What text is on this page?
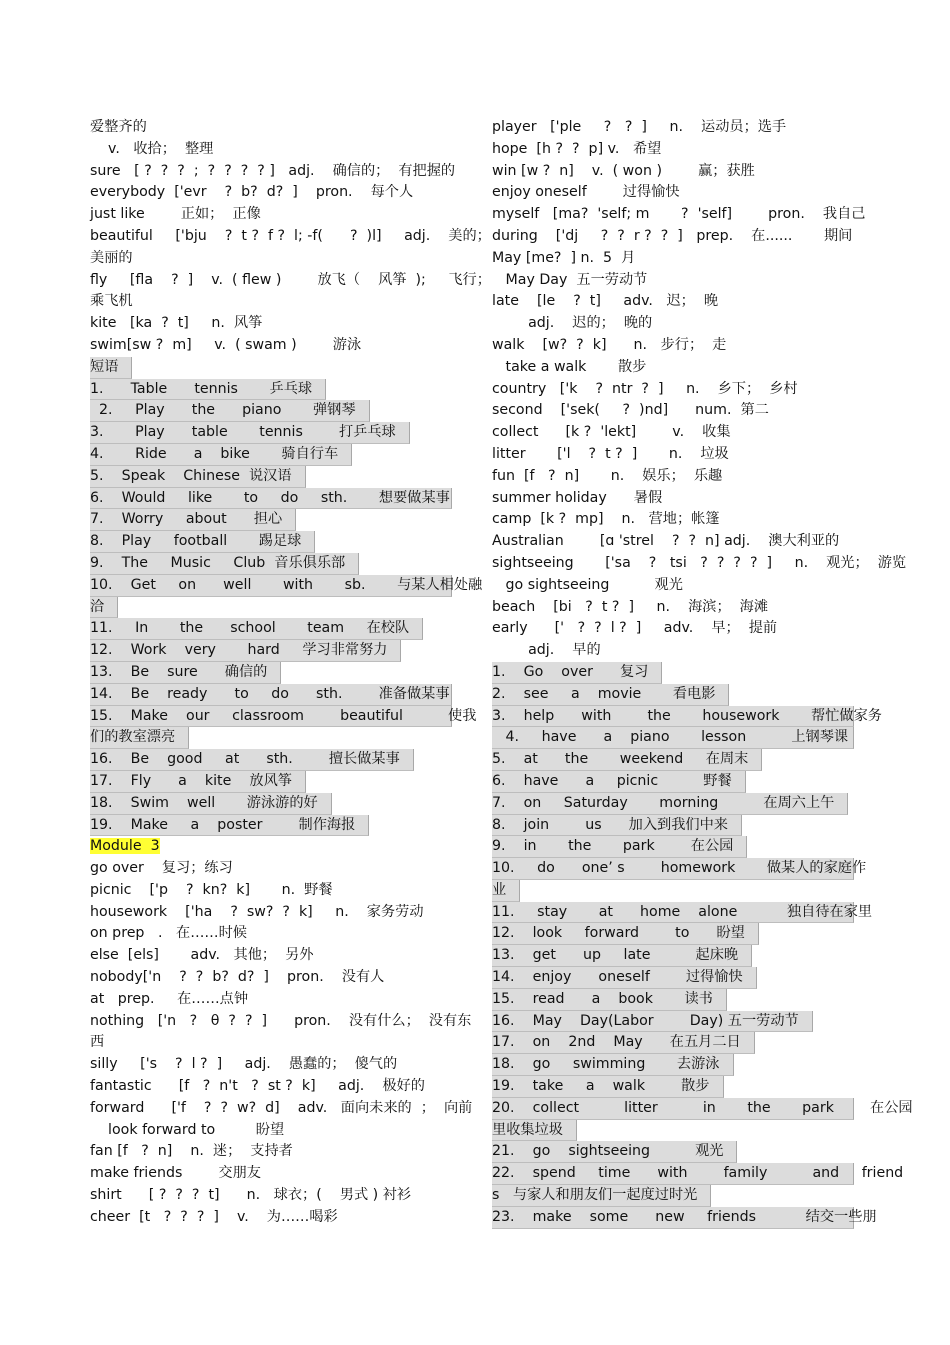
爱整齐的
v.   收拾；  整理
sure   [ ?  ?  ?  ;  ?  ?  ?  ? ]   adj.    确信的；  有把握的
everybody  ['evr    ?  b?  d?  ]    pron.    每个人
just like        正如；  正像
beautiful     ['bju    ?  t ?  f ?  l; -f(      ?  )l]     adj.    美的；
美丽的
fly     [fla    ?  ]    v.  ( flew )        放飞（    风筝  );     飞行；
乘飞机
kite   [ka  ?  t]     n.  风筝
swim[sw ?  m]     v.  ( swam )        游泳
短语
1.      Table      tennis       乒乓球
2.     Play      the      piano       弹钢琴
3.       Play      table       tennis        打乒乓球
4.       Ride      a    bike       骑自行车
5.    Speak    Chinese  说汉语
6.    Would     like       to     do     sth.       想要做某事
7.    Worry     about      担心
8.    Play     football       踢足球
9.    The     Music     Club  音乐俱乐部
10.    Get     on      well       with       sb.       与某人相处融
洽
11.     In       the      school       team     在校队
12.    Work    very       hard     学习非常努力
13.    Be    sure      确信的
14.    Be    ready      to     do      sth.        准备做某事
15.    Make    our     classroom        beautiful          使我
们的教室漂亮
16.    Be    good     at      sth.        擅长做某事
17.    Fly      a    kite    放风筝
18.    Swim    well       游泳游的好
19.    Make     a    poster        制作海报
Module  3
go over    复习；练习
picnic    ['p    ?  kn?  k]       n.  野餐
housework    ['ha    ?  sw?  ?  k]     n.    家务劳动
on prep   .   在……时候
else  [els]       adv.   其他；  另外
nobody['n    ?  ?  b?  d?  ]    pron.    没有人
at   prep.     在……点钟
nothing   ['n   ?   θ  ?  ?  ]      pron.    没有什么；  没有东
西
silly     ['s    ?  l ?  ]     adj.    愚蠢的；  傻气的
fantastic      [f   ?  n't   ?  st ?  k]     adj.    极好的
forward      ['f    ?  ?  w?  d]    adv.   面向未来的  ；  向前
look forward to         盼望
fan [f   ?  n]    n.  迷；  支持者
make friends        交朋友
shirt      [ ?  ?  ?  t]      n.   球衣；(    男式 ) 衬衫
cheer  [t   ?  ?  ?  ]    v.    为……喝彩
player   ['ple     ?   ?  ]     n.    运动员；选手
hope  [h ?  ?  p] v.   希望
win [w ?  n]    v.  ( won )        赢；获胜
enjoy oneself        过得愉快
myself   [ma?  'self; m       ?  'self]        pron.    我自己
during    ['dj     ?  ?  r ?  ?  ]   prep.    在......       期间
May [me?  ] n.  5  月
May Day  五一劳动节
late    [le    ?  t]     adv.   迟；  晚
adj.    迟的；  晚的
walk    [w?  ?  k]      n.   步行；  走
take a walk       散步
country   ['k    ?  ntr  ?  ]     n.    乡下；  乡村
second    ['sek(     ?  )nd]      num.  第二
collect      [k ?  'lekt]        v.    收集
litter       ['l    ?  t ?  ]       n.    垃圾
fun  [f   ?  n]       n.    娱乐；  乐趣
summer holiday      暑假
camp  [k ?  mp]    n.   营地；帐篷
Australian        [ɑ 'strel    ?  ?  n] adj.    澳大利亚的
sightseeing       ['sa    ?   tsi   ?  ?  ?  ?  ]     n.    观光；  游览
go sightseeing          观光
beach    [bi   ?  t ?  ]     n.    海滨；  海滩
early      ['   ?  ?  l ?  ]     adv.    早；  提前
adj.    早的
1.    Go    over      复习
2.    see     a    movie       看电影
3.    help      with        the       housework       帮忙做家务
4.     have      a    piano       lesson          上钢琴课
5.    at      the       weekend     在周末
6.    have      a     picnic          野餐
7.    on     Saturday       morning          在周六上午
8.    join        us      加入到我们中来
9.    in       the       park        在公园
10.     do      one’ s        homework       做某人的家庭作
业
11.     stay       at      home    alone           独自待在家里
12.    look     forward        to      盼望
13.    get      up     late          起床晚
14.    enjoy      oneself        过得愉快
15.    read      a    book       读书
16.    May    Day(Labor        Day) 五一劳动节
17.    on    2nd    May      在五月二日
18.    go     swimming       去游泳
19.    take     a    walk        散步
20.    collect          litter          in       the       park        在公园
里收集垃圾
21.    go    sightseeing          观光
22.    spend     time      with        family          and     friend
s   与家人和朋友们一起度过时光
23.    make    some      new     friends           结交一些朋
